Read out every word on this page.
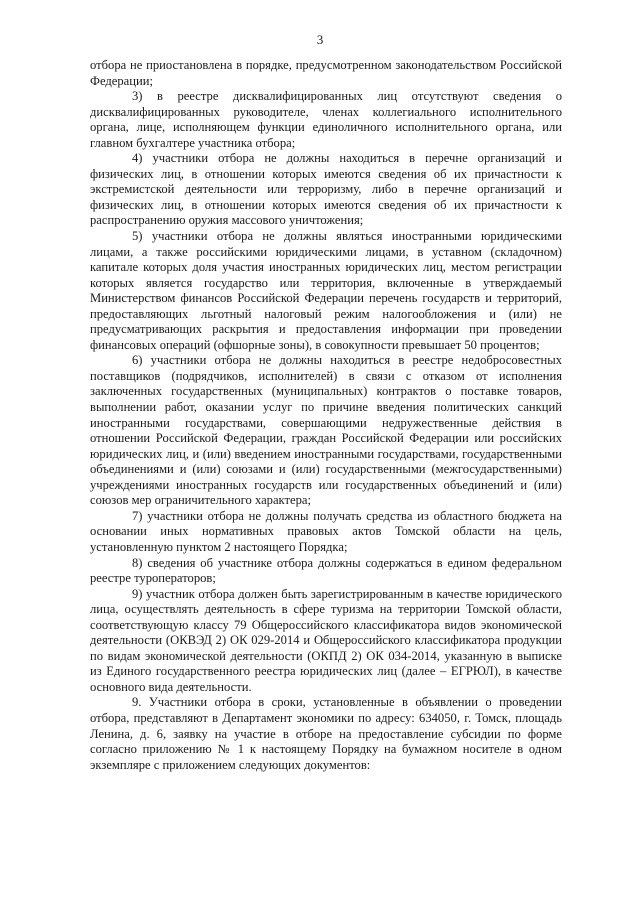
3

отбора не приостановлена в порядке, предусмотренном законодательством Российской Федерации;

3) в реестре дисквалифицированных лиц отсутствуют сведения о дисквалифицированных руководителе, членах коллегиального исполнительного органа, лице, исполняющем функции единоличного исполнительного органа, или главном бухгалтере участника отбора;

4) участники отбора не должны находиться в перечне организаций и физических лиц, в отношении которых имеются сведения об их причастности к экстремистской деятельности или терроризму, либо в перечне организаций и физических лиц, в отношении которых имеются сведения об их причастности к распространению оружия массового уничтожения;

5) участники отбора не должны являться иностранными юридическими лицами, а также российскими юридическими лицами, в уставном (складочном) капитале которых доля участия иностранных юридических лиц, местом регистрации которых является государство или территория, включенные в утверждаемый Министерством финансов Российской Федерации перечень государств и территорий, предоставляющих льготный налоговый режим налогообложения и (или) не предусматривающих раскрытия и предоставления информации при проведении финансовых операций (офшорные зоны), в совокупности превышает 50 процентов;

6) участники отбора не должны находиться в реестре недобросовестных поставщиков (подрядчиков, исполнителей) в связи с отказом от исполнения заключенных государственных (муниципальных) контрактов о поставке товаров, выполнении работ, оказании услуг по причине введения политических санкций иностранными государствами, совершающими недружественные действия в отношении Российской Федерации, граждан Российской Федерации или российских юридических лиц, и (или) введением иностранными государствами, государственными объединениями и (или) союзами и (или) государственными (межгосударственными) учреждениями иностранных государств или государственных объединений и (или) союзов мер ограничительного характера;

7) участники отбора не должны получать средства из областного бюджета на основании иных нормативных правовых актов Томской области на цель, установленную пунктом 2 настоящего Порядка;

8) сведения об участнике отбора должны содержаться в едином федеральном реестре туроператоров;

9) участник отбора должен быть зарегистрированным в качестве юридического лица, осуществлять деятельность в сфере туризма на территории Томской области, соответствующую классу 79 Общероссийского классификатора видов экономической деятельности (ОКВЭД 2) ОК 029-2014 и Общероссийского классификатора продукции по видам экономической деятельности (ОКПД 2) ОК 034-2014, указанную в выписке из Единого государственного реестра юридических лиц (далее – ЕГРЮЛ), в качестве основного вида деятельности.

9. Участники отбора в сроки, установленные в объявлении о проведении отбора, представляют в Департамент экономики по адресу: 634050, г. Томск, площадь Ленина, д. 6, заявку на участие в отборе на предоставление субсидии по форме согласно приложению № 1 к настоящему Порядку на бумажном носителе в одном экземпляре с приложением следующих документов:
